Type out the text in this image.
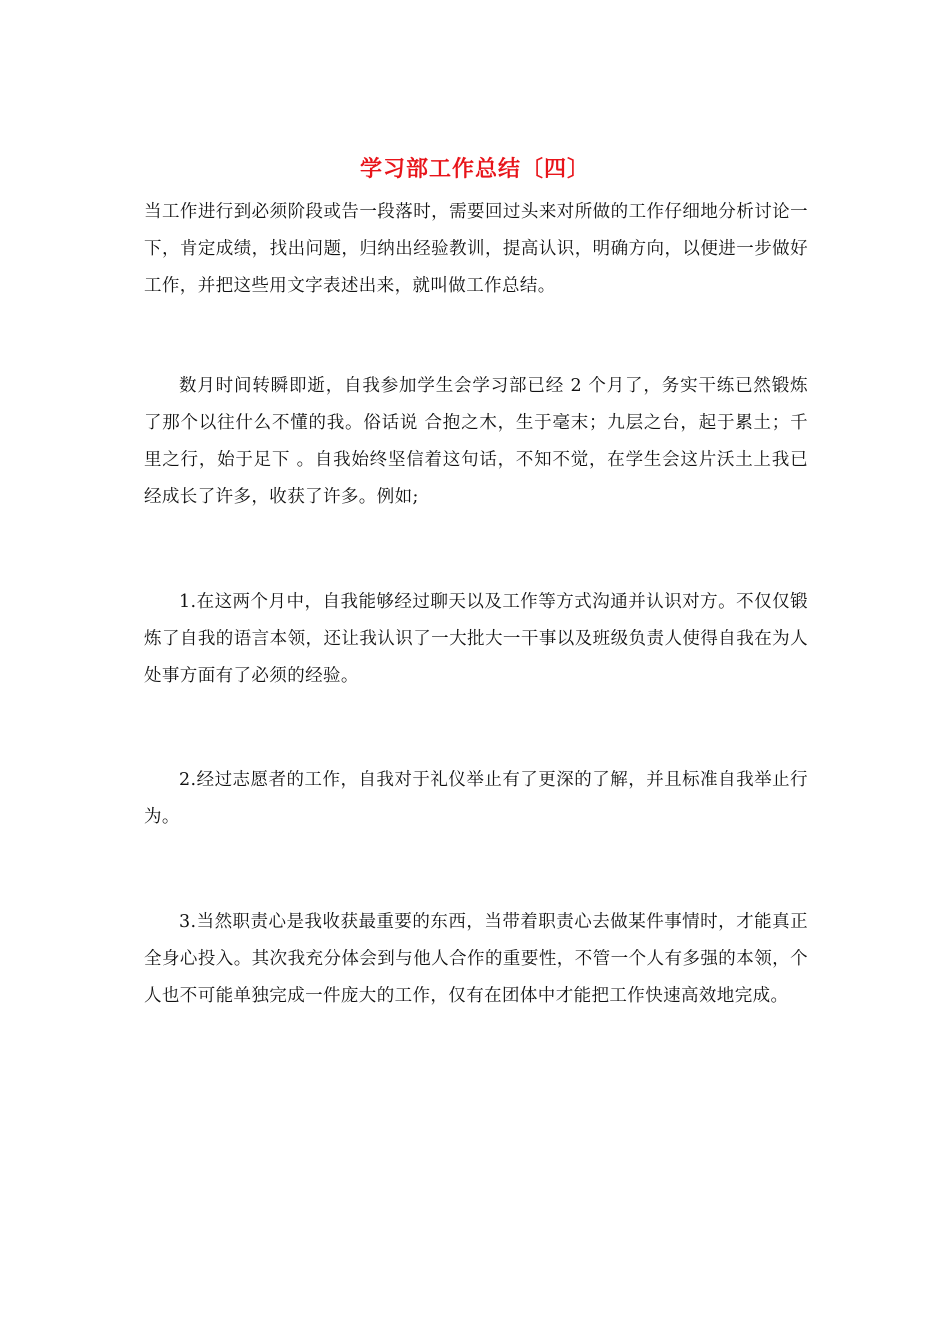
学习部工作总结〔四〕

当工作进行到必须阶段或告一段落时，需要回过头来对所做的工作仔细地分析讨论一下，肯定成绩，找出问题，归纳出经验教训，提高认识，明确方向，以便进一步做好工作，并把这些用文字表述出来，就叫做工作总结。

数月时间转瞬即逝，自我参加学生会学习部已经 2 个月了，务实干练已然锻炼了那个以往什么不懂的我。俗话说 合抱之木，生于毫末；九层之台，起于累土；千里之行，始于足下 。自我始终坚信着这句话，不知不觉，在学生会这片沃土上我已经成长了许多，收获了许多。例如;

1.在这两个月中，自我能够经过聊天以及工作等方式沟通并认识对方。不仅仅锻炼了自我的语言本领，还让我认识了一大批大一干事以及班级负责人使得自我在为人处事方面有了必须的经验。

2.经过志愿者的工作，自我对于礼仪举止有了更深的了解，并且标准自我举止行为。

3.当然职责心是我收获最重要的东西，当带着职责心去做某件事情时，才能真正全身心投入。其次我充分体会到与他人合作的重要性，不管一个人有多强的本领，个人也不可能单独完成一件庞大的工作，仅有在团体中才能把工作快速高效地完成。
